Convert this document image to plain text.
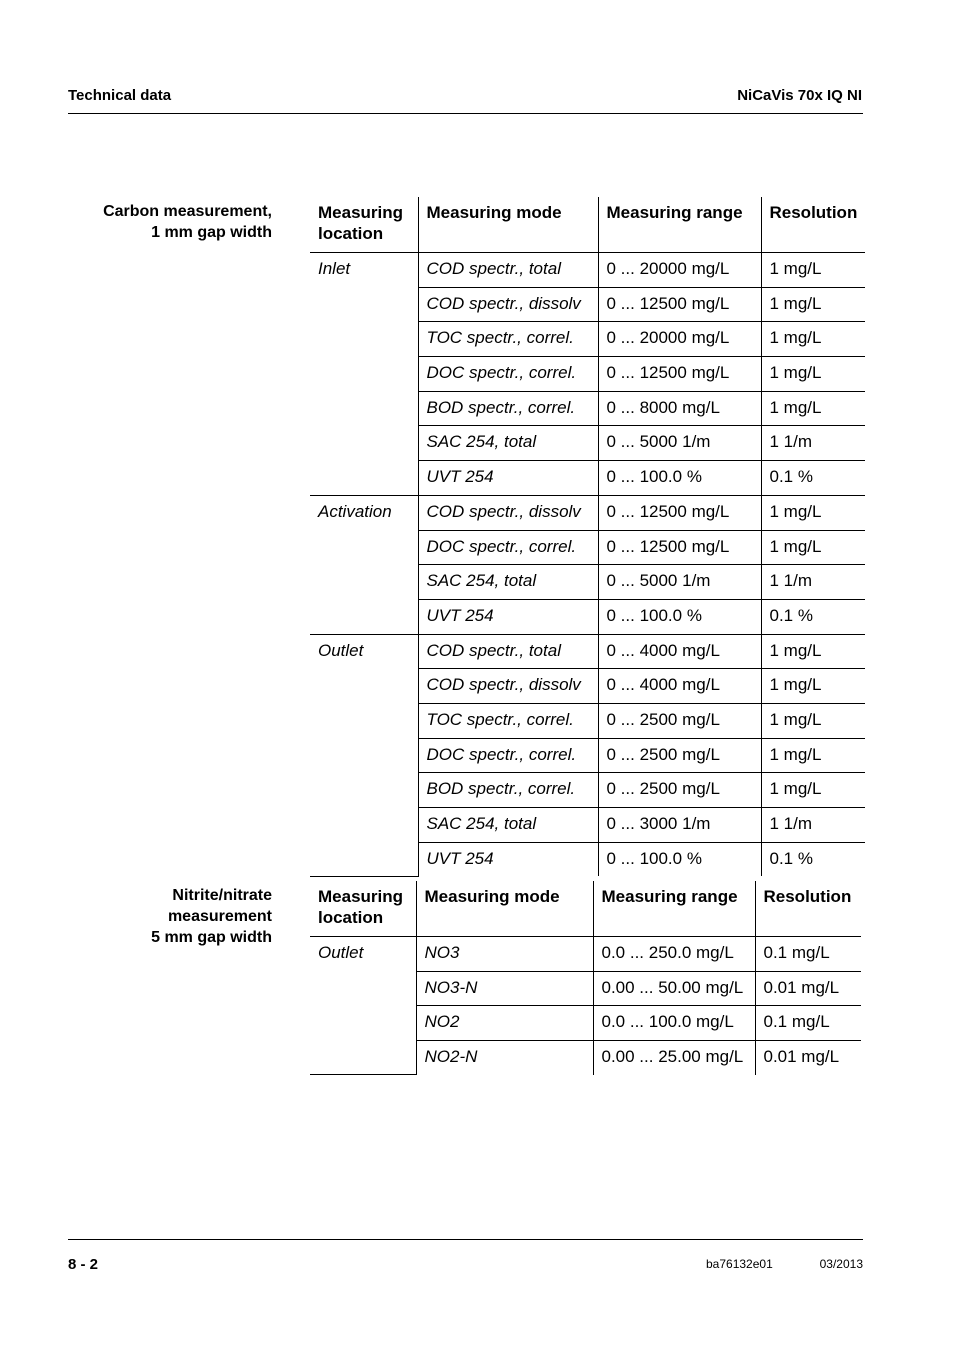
Technical data	NiCaVis 70x IQ NI
Carbon measurement,
1 mm gap width
Measuring location	Measuring mode	Measuring range	Resolution
Inlet	COD spectr., total	0 ... 20000 mg/L	1 mg/L
	COD spectr., dissolv	0 ... 12500 mg/L	1 mg/L
	TOC spectr., correl.	0 ... 20000 mg/L	1 mg/L
	DOC spectr., correl.	0 ... 12500 mg/L	1 mg/L
	BOD spectr., correl.	0 ... 8000 mg/L	1 mg/L
	SAC 254, total	0 ... 5000 1/m	1 1/m
	UVT 254	0 ... 100.0 %	0.1 %
Activation	COD spectr., dissolv	0 ... 12500 mg/L	1 mg/L
	DOC spectr., correl.	0 ... 12500 mg/L	1 mg/L
	SAC 254, total	0 ... 5000 1/m	1 1/m
	UVT 254	0 ... 100.0 %	0.1 %
Outlet	COD spectr., total	0 ... 4000 mg/L	1 mg/L
	COD spectr., dissolv	0 ... 4000 mg/L	1 mg/L
	TOC spectr., correl.	0 ... 2500 mg/L	1 mg/L
	DOC spectr., correl.	0 ... 2500 mg/L	1 mg/L
	BOD spectr., correl.	0 ... 2500 mg/L	1 mg/L
	SAC 254, total	0 ... 3000 1/m	1 1/m
	UVT 254	0 ... 100.0 %	0.1 %
Nitrite/nitrate
measurement
5 mm gap width
Measuring location	Measuring mode	Measuring range	Resolution
Outlet	NO3	0.0 ... 250.0 mg/L	0.1 mg/L
	NO3-N	0.00 ... 50.00 mg/L	0.01 mg/L
	NO2	0.0 ... 100.0 mg/L	0.1 mg/L
	NO2-N	0.00 ... 25.00 mg/L	0.01 mg/L
8 - 2	ba76132e01	03/2013
